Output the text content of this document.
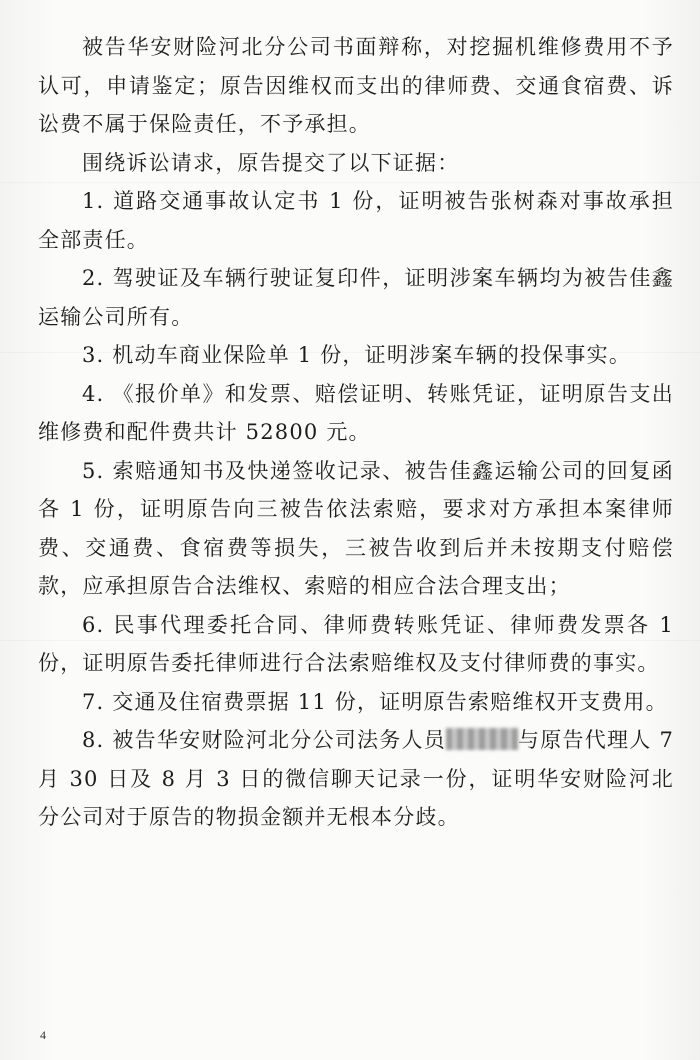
被告华安财险河北分公司书面辩称，对挖掘机维修费用不予认可，申请鉴定；原告因维权而支出的律师费、交通食宿费、诉讼费不属于保险责任，不予承担。

围绕诉讼请求，原告提交了以下证据：

1. 道路交通事故认定书 1 份，证明被告张树森对事故承担全部责任。

2. 驾驶证及车辆行驶证复印件，证明涉案车辆均为被告佳鑫运输公司所有。

3. 机动车商业保险单 1 份，证明涉案车辆的投保事实。

4. 《报价单》和发票、赔偿证明、转账凭证，证明原告支出维修费和配件费共计 52800 元。

5. 索赔通知书及快递签收记录、被告佳鑫运输公司的回复函各 1 份，证明原告向三被告依法索赔，要求对方承担本案律师费、交通费、食宿费等损失，三被告收到后并未按期支付赔偿款，应承担原告合法维权、索赔的相应合法合理支出；

6. 民事代理委托合同、律师费转账凭证、律师费发票各 1 份，证明原告委托律师进行合法索赔维权及支付律师费的事实。

7. 交通及住宿费票据 11 份，证明原告索赔维权开支费用。

8. 被告华安财险河北分公司法务人员	与原告代理人 7 月 30 日及 8 月 3 日的微信聊天记录一份，证明华安财险河北分公司对于原告的物损金额并无根本分歧。

4
